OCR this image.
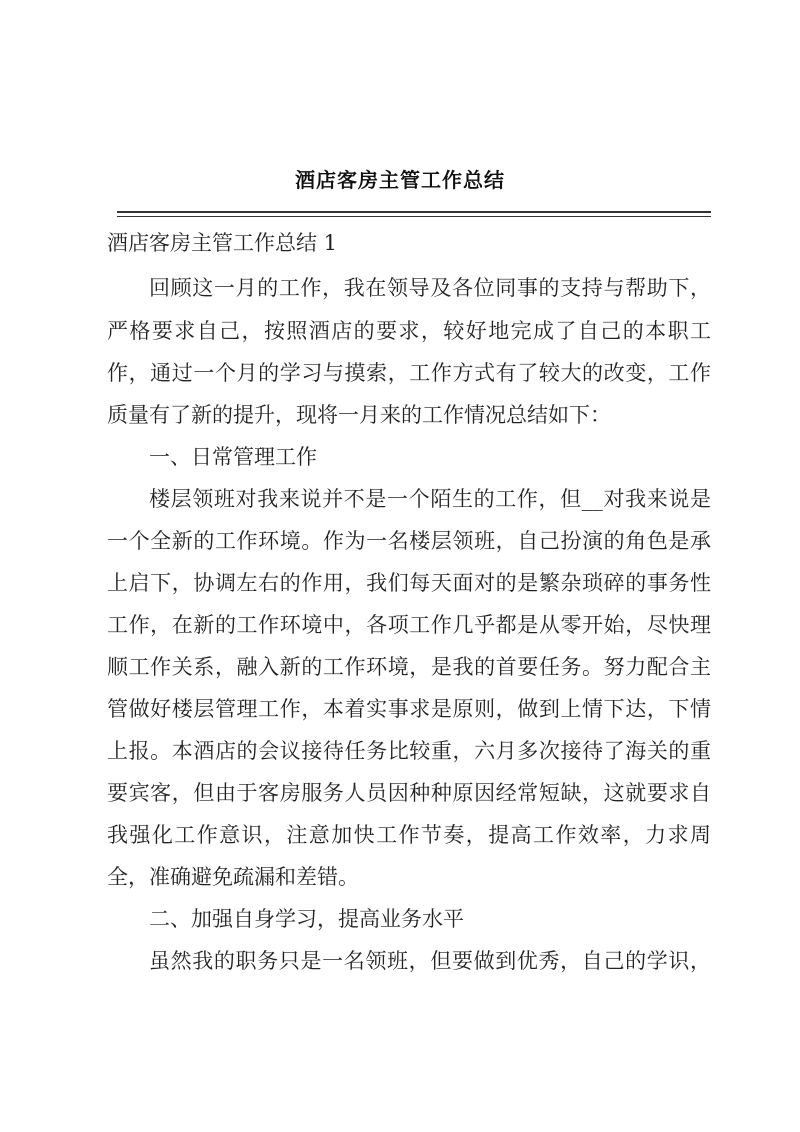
酒店客房主管工作总结
酒店客房主管工作总结 1
回顾这一月的工作，我在领导及各位同事的支持与帮助下，
严格要求自己，按照酒店的要求，较好地完成了自己的本职工
作，通过一个月的学习与摸索，工作方式有了较大的改变，工作
质量有了新的提升，现将一月来的工作情况总结如下：
一、日常管理工作
楼层领班对我来说并不是一个陌生的工作，但__对我来说是
一个全新的工作环境。作为一名楼层领班，自己扮演的角色是承
上启下，协调左右的作用，我们每天面对的是繁杂琐碎的事务性
工作，在新的工作环境中，各项工作几乎都是从零开始，尽快理
顺工作关系，融入新的工作环境，是我的首要任务。努力配合主
管做好楼层管理工作，本着实事求是原则，做到上情下达，下情
上报。本酒店的会议接待任务比较重，六月多次接待了海关的重
要宾客，但由于客房服务人员因种种原因经常短缺，这就要求自
我强化工作意识，注意加快工作节奏，提高工作效率，力求周
全，准确避免疏漏和差错。
二、加强自身学习，提高业务水平
虽然我的职务只是一名领班，但要做到优秀，自己的学识，
